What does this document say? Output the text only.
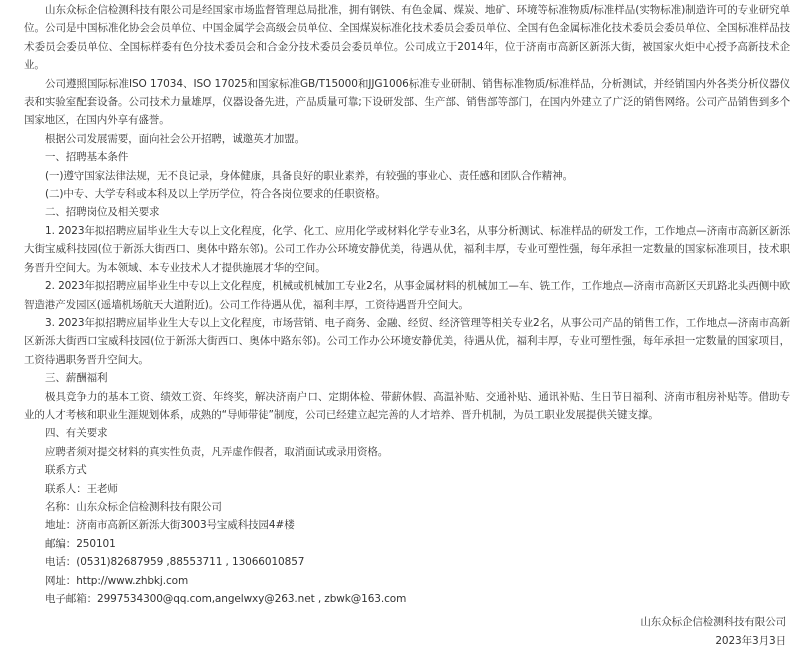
山东众标企信检测科技有限公司是经国家市场监督管理总局批准，拥有钢铁、有色金属、煤炭、地矿、环境等标准物质/标准样品(实物标准)制造许可的专业研究单位。公司是中国标准化协会会员单位、中国金属学会高级会员单位、全国煤炭标准化技术委员会委员单位、全国有色金属标准化技术委员会委员单位、全国标准样品技术委员会委员单位、全国标样委有色分技术委员会和合金分技术委员会委员单位。公司成立于2014年，位于济南市高新区新泺大街，被国家火炬中心授予高新技术企业。

公司遵照国际标准ISO 17034、ISO 17025和国家标准GB/T15000和JJG1006标准专业研制、销售标准物质/标准样品，分析测试，并经销国内外各类分析仪器仪表和实验室配套设备。公司技术力量雄厚，仪器设备先进，产品质量可靠;下设研发部、生产部、销售部等部门，在国内外建立了广泛的销售网络。公司产品销售到多个国家地区，在国内外享有盛誉。

根据公司发展需要，面向社会公开招聘，诚邀英才加盟。

一、招聘基本条件

(一)遵守国家法律法规，无不良记录，身体健康，具备良好的职业素养，有较强的事业心、责任感和团队合作精神。

(二)中专、大学专科或本科及以上学历学位，符合各岗位要求的任职资格。

二、招聘岗位及相关要求

1. 2023年拟招聘应届毕业生大专以上文化程度，化学、化工、应用化学或材料化学专业3名，从事分析测试、标准样品的研发工作，工作地点—济南市高新区新泺大街宝威科技园(位于新泺大街西口、奥体中路东邻)。公司工作办公环境安静优美，待遇从优，福利丰厚，专业可塑性强，每年承担一定数量的国家标准项目，技术职务晋升空间大。为本领域、本专业技术人才提供施展才华的空间。

2. 2023年拟招聘应届毕业生中专以上文化程度，机械或机械加工专业2名，从事金属材料的机械加工—车、铣工作，工作地点—济南市高新区天玑路北头西侧中欧智造港产发园区(遥墙机场航天大道附近)。公司工作待遇从优，福利丰厚，工资待遇晋升空间大。

3. 2023年拟招聘应届毕业生大专以上文化程度，市场营销、电子商务、金融、经贸、经济管理等相关专业2名，从事公司产品的销售工作，工作地点—济南市高新区新泺大街西口宝威科技园(位于新泺大街西口、奥体中路东邻)。公司工作办公环境安静优美，待遇从优，福利丰厚，专业可塑性强，每年承担一定数量的国家项目，工资待遇职务晋升空间大。

三、薪酬福利

极具竞争力的基本工资、绩效工资、年终奖，解决济南户口、定期体检、带薪休假、高温补贴、交通补贴、通讯补贴、生日节日福利、济南市租房补贴等。借助专业的人才考核和职业生涯规划体系，成熟的“导师带徒”制度，公司已经建立起完善的人才培养、晋升机制，为员工职业发展提供关键支撑。

四、有关要求

应聘者须对提交材料的真实性负责，凡弄虚作假者，取消面试或录用资格。

联系方式

联系人：王老师

名称：山东众标企信检测科技有限公司

地址：济南市高新区新泺大街3003号宝威科技园4#楼

邮编：250101

电话：(0531)82687959 ,88553711 , 13066010857

网址：http://www.zhbkj.com

电子邮箱：2997534300@qq.com,angelwxy@263.net , zbwk@163.com

山东众标企信检测科技有限公司
2023年3月3日
